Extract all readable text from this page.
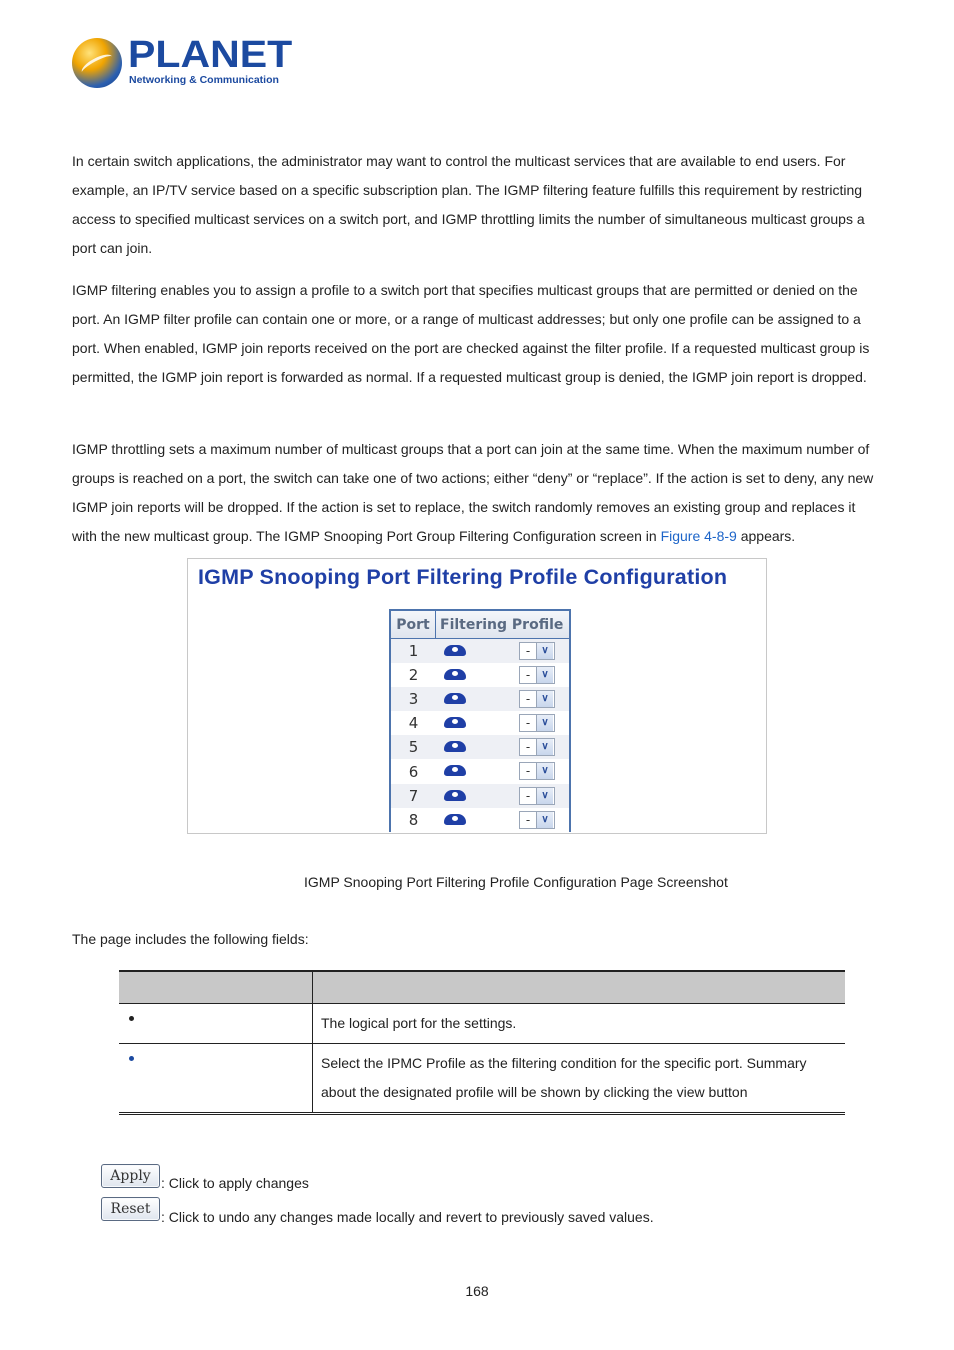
PLANET
Networking & Communication

In certain switch applications, the administrator may want to control the multicast services that are available to end users. For example, an IP/TV service based on a specific subscription plan. The IGMP filtering feature fulfills this requirement by restricting access to specified multicast services on a switch port, and IGMP throttling limits the number of simultaneous multicast groups a port can join.

IGMP filtering enables you to assign a profile to a switch port that specifies multicast groups that are permitted or denied on the port. An IGMP filter profile can contain one or more, or a range of multicast addresses; but only one profile can be assigned to a port. When enabled, IGMP join reports received on the port are checked against the filter profile. If a requested multicast group is permitted, the IGMP join report is forwarded as normal. If a requested multicast group is denied, the IGMP join report is dropped.

IGMP throttling sets a maximum number of multicast groups that a port can join at the same time. When the maximum number of groups is reached on a port, the switch can take one of two actions; either “deny” or “replace”. If the action is set to deny, any new IGMP join reports will be dropped. If the action is set to replace, the switch randomly removes an existing group and replaces it with the new multicast group. The IGMP Snooping Port Group Filtering Configuration screen in Figure 4-8-9 appears.

IGMP Snooping Port Filtering Profile Configuration
Port Filtering Profile
1	-	∨
2	-	∨
3	-	∨
4	-	∨
5	-	∨
6	-	∨
7	-	∨
8	-	∨
IGMP Snooping Port Filtering Profile Configuration Page Screenshot
The page includes the following fields:
The logical port for the settings.
Select the IPMC Profile as the filtering condition for the specific port. Summary about the designated profile will be shown by clicking the view button
Apply : Click to apply changes
Reset : Click to undo any changes made locally and revert to previously saved values.
168
